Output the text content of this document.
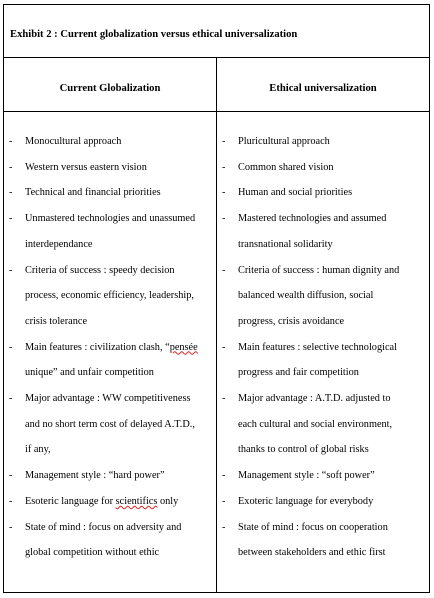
Exhibit 2 : Current globalization versus ethical universalization
Current Globalization	Ethical universalization
- Monocultural approach
- Western versus eastern vision
- Technical and financial priorities
- Unmastered technologies and unassumed
interdependance
- Criteria of success : speedy decision
process, economic efficiency, leadership,
crisis tolerance
- Main features : civilization clash, “pensée
unique” and unfair competition
- Major advantage : WW competitiveness
and no short term cost of delayed A.T.D.,
if any,
- Management style : “hard power”
- Esoteric language for scientifics only
- State of mind : focus on adversity and
global competition without ethic
- Pluricultural approach
- Common shared vision
- Human and social priorities
- Mastered technologies and assumed
transnational solidarity
- Criteria of success : human dignity and
balanced wealth diffusion, social
progress, crisis avoidance
- Main features : selective technological
progress and fair competition
- Major advantage : A.T.D. adjusted to
each cultural and social environment,
thanks to control of global risks
- Management style : “soft power”
- Exoteric language for everybody
- State of mind : focus on cooperation
between stakeholders and ethic first
